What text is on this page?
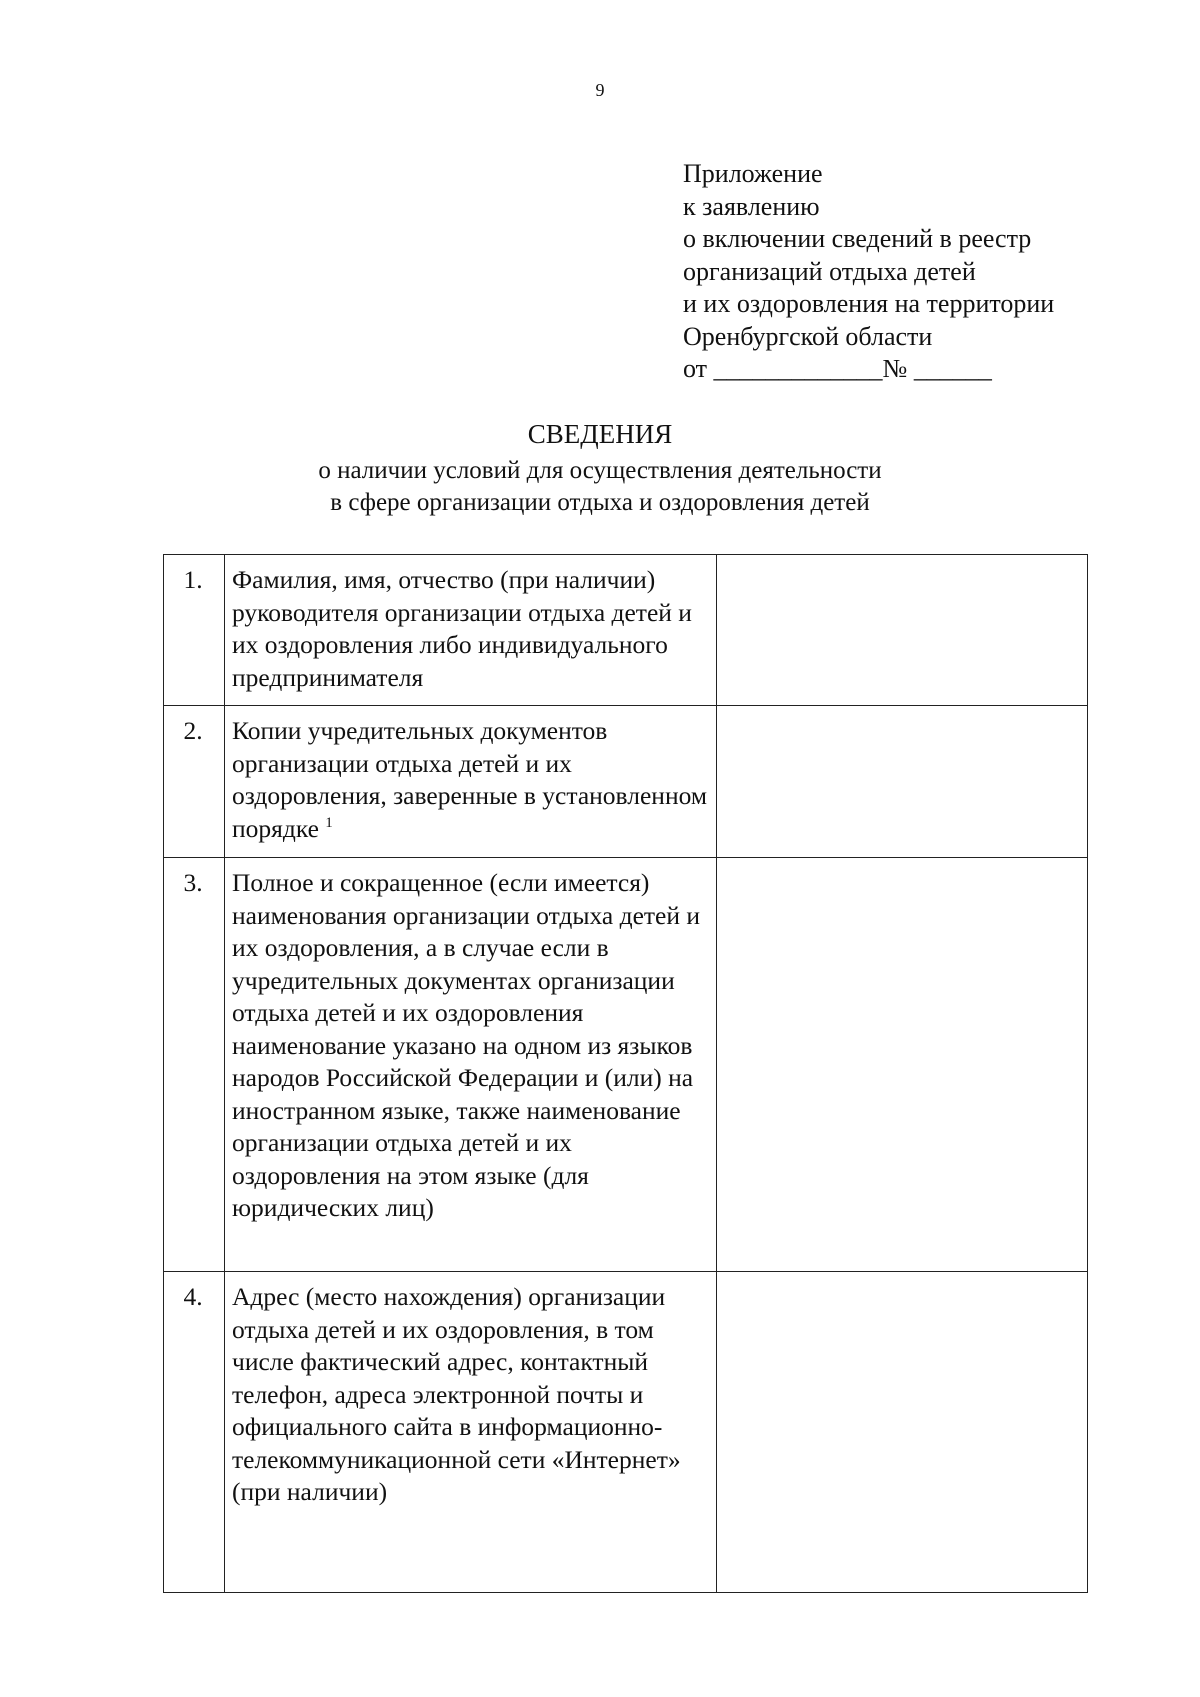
9
Приложение
к заявлению
о включении сведений в реестр
организаций отдыха детей
и их оздоровления на территории
Оренбургской области
от _____________№ ______
СВЕДЕНИЯ
о наличии условий для осуществления деятельности
в сфере организации отдыха и оздоровления детей
1.	Фамилия, имя, отчество (при наличии) руководителя организации отдыха детей и их оздоровления либо индивидуального предпринимателя	
2.	Копии учредительных документов организации отдыха детей и их оздоровления, заверенные в установленном порядке $^1$	
3.	Полное и сокращенное (если имеется) наименования организации отдыха детей и их оздоровления, а в случае если в учредительных документах организации отдыха детей и их оздоровления наименование указано на одном из языков народов Российской Федерации и (или) на иностранном языке, также наименование организации отдыха детей и их оздоровления на этом языке (для юридических лиц)	
4.	Адрес (место нахождения) организации отдыха детей и их оздоровления, в том числе фактический адрес, контактный телефон, адреса электронной почты и официального сайта в информационно-телекоммуникационной сети «Интернет» (при наличии)	
